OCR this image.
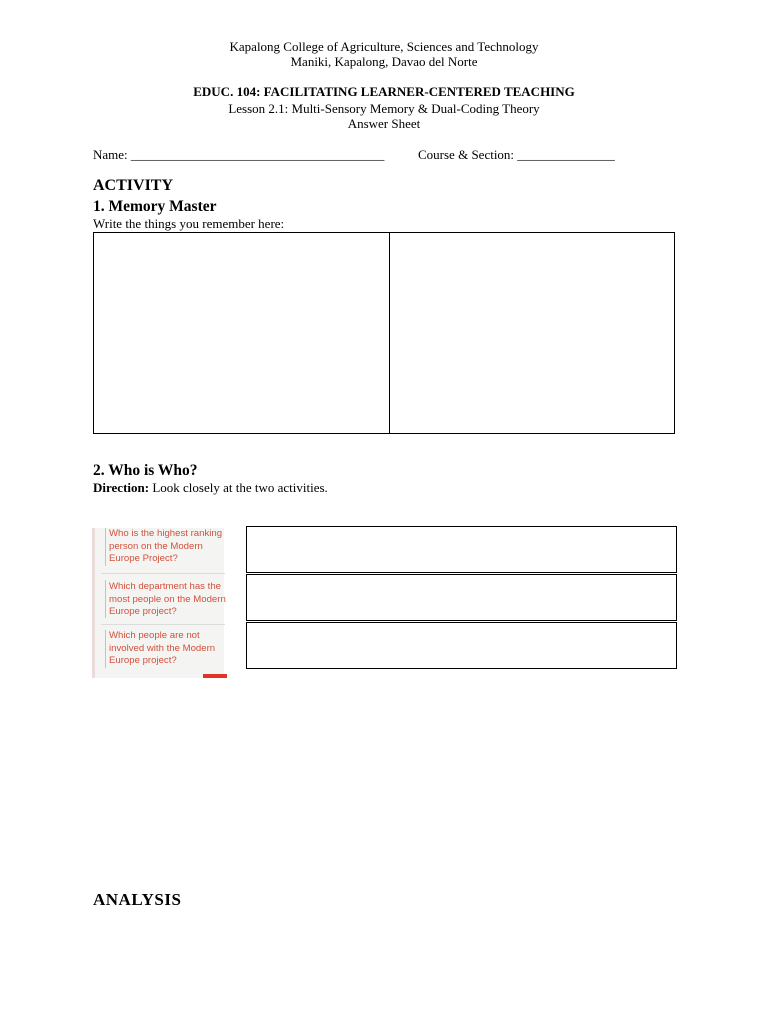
Kapalong College of Agriculture, Sciences and Technology
Maniki, Kapalong, Davao del Norte
EDUC. 104: FACILITATING LEARNER-CENTERED TEACHING
Lesson 2.1: Multi-Sensory Memory & Dual-Coding Theory
Answer Sheet
Name: _______________________________________	Course & Section: _______________
ACTIVITY
1. Memory Master
Write the things you remember here:
2. Who is Who?
Direction: Look closely at the two activities.
Who is the highest ranking person on the Modern Europe Project?
Which department has the most people on the Modern Europe project?
Which people are not involved with the Modern Europe project?
ANALYSIS
